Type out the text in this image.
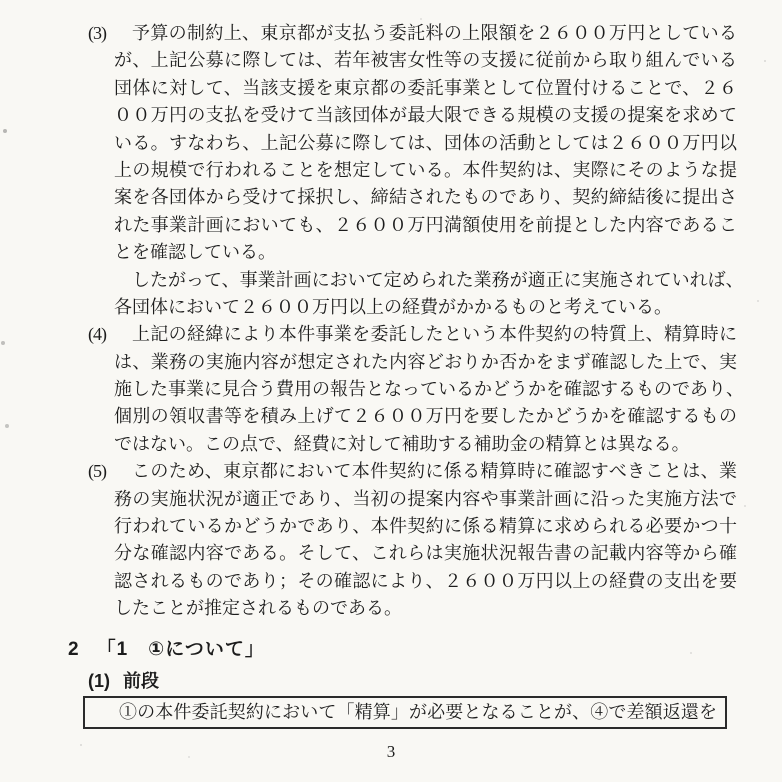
(3) 予算の制約上、東京都が支払う委託料の上限額を２６００万円としている
が、上記公募に際しては、若年被害女性等の支援に従前から取り組んでいる
団体に対して、当該支援を東京都の委託事業として位置付けることで、２６
００万円の支払を受けて当該団体が最大限できる規模の支援の提案を求めて
いる。すなわち、上記公募に際しては、団体の活動としては２６００万円以
上の規模で行われることを想定している。本件契約は、実際にそのような提
案を各団体から受けて採択し、締結されたものであり、契約締結後に提出さ
れた事業計画においても、２６００万円満額使用を前提とした内容であるこ
とを確認している。
したがって、事業計画において定められた業務が適正に実施されていれば、
各団体において２６００万円以上の経費がかかるものと考えている。
(4) 上記の経緯により本件事業を委託したという本件契約の特質上、精算時に
は、業務の実施内容が想定された内容どおりか否かをまず確認した上で、実
施した事業に見合う費用の報告となっているかどうかを確認するものであり、
個別の領収書等を積み上げて２６００万円を要したかどうかを確認するもの
ではない。この点で、経費に対して補助する補助金の精算とは異なる。
(5) このため、東京都において本件契約に係る精算時に確認すべきことは、業
務の実施状況が適正であり、当初の提案内容や事業計画に沿った実施方法で
行われているかどうかであり、本件契約に係る精算に求められる必要かつ十
分な確認内容である。そして、これらは実施状況報告書の記載内容等から確
認されるものであり；その確認により、２６００万円以上の経費の支出を要
したことが推定されるものである。
2 「1　①について」
(1) 前段
①の本件委託契約において「精算」が必要となることが、④で差額返還を
3
